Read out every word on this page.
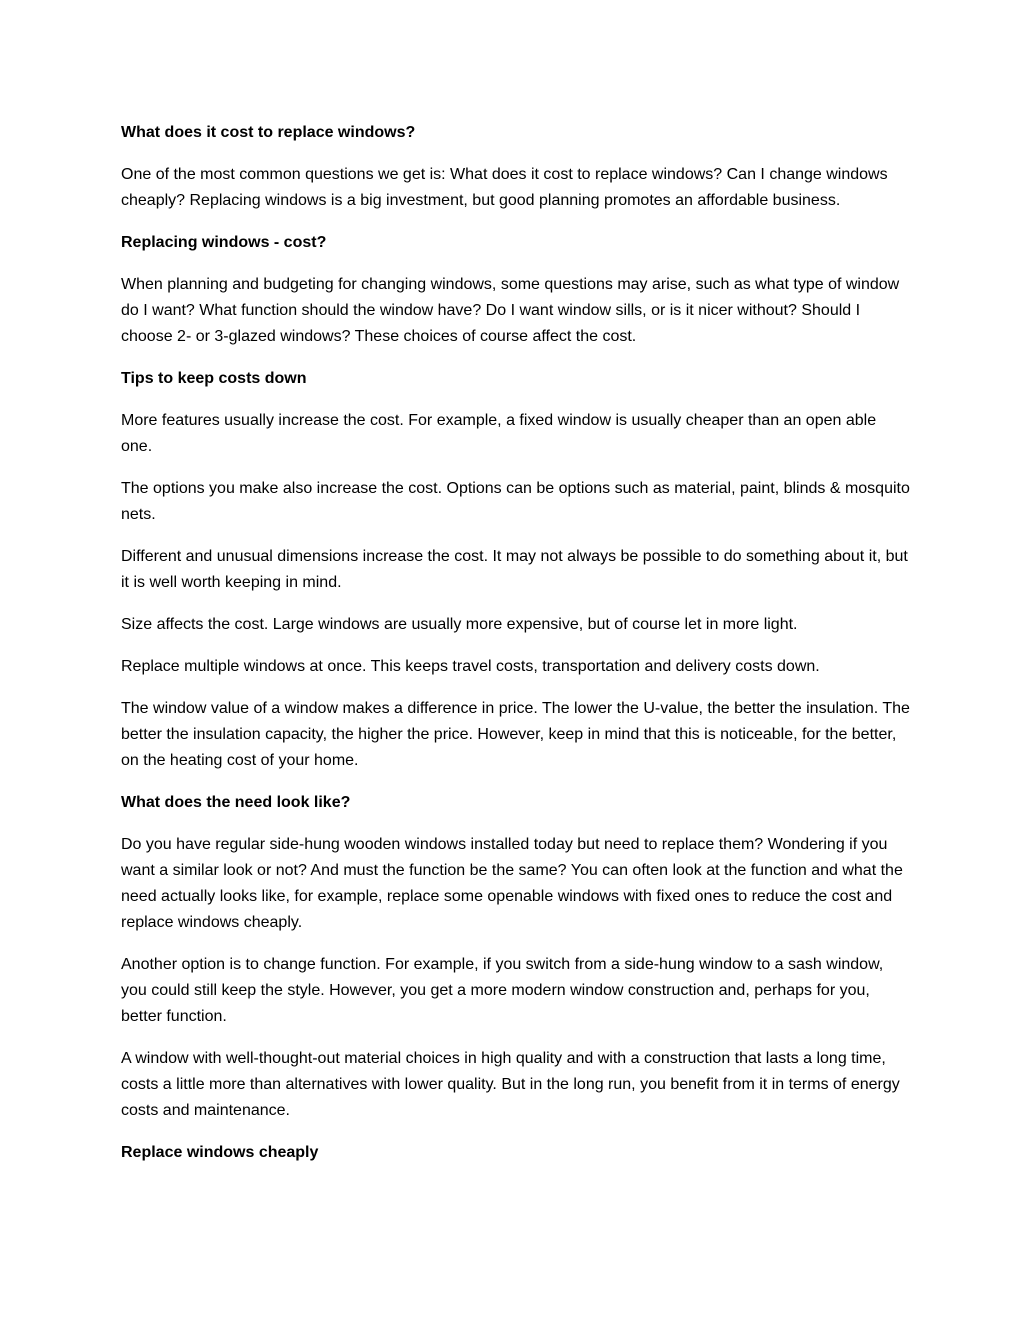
What does it cost to replace windows?
One of the most common questions we get is: What does it cost to replace windows? Can I change windows cheaply? Replacing windows is a big investment, but good planning promotes an affordable business.
Replacing windows - cost?
When planning and budgeting for changing windows, some questions may arise, such as what type of window do I want? What function should the window have? Do I want window sills, or is it nicer without? Should I choose 2- or 3-glazed windows? These choices of course affect the cost.
Tips to keep costs down
More features usually increase the cost. For example, a fixed window is usually cheaper than an open able one.
The options you make also increase the cost. Options can be options such as material, paint, blinds & mosquito nets.
Different and unusual dimensions increase the cost. It may not always be possible to do something about it, but it is well worth keeping in mind.
Size affects the cost. Large windows are usually more expensive, but of course let in more light.
Replace multiple windows at once. This keeps travel costs, transportation and delivery costs down.
The window value of a window makes a difference in price. The lower the U-value, the better the insulation. The better the insulation capacity, the higher the price. However, keep in mind that this is noticeable, for the better, on the heating cost of your home.
What does the need look like?
Do you have regular side-hung wooden windows installed today but need to replace them? Wondering if you want a similar look or not? And must the function be the same? You can often look at the function and what the need actually looks like, for example, replace some openable windows with fixed ones to reduce the cost and replace windows cheaply.
Another option is to change function. For example, if you switch from a side-hung window to a sash window, you could still keep the style. However, you get a more modern window construction and, perhaps for you, better function.
A window with well-thought-out material choices in high quality and with a construction that lasts a long time, costs a little more than alternatives with lower quality. But in the long run, you benefit from it in terms of energy costs and maintenance.
Replace windows cheaply
